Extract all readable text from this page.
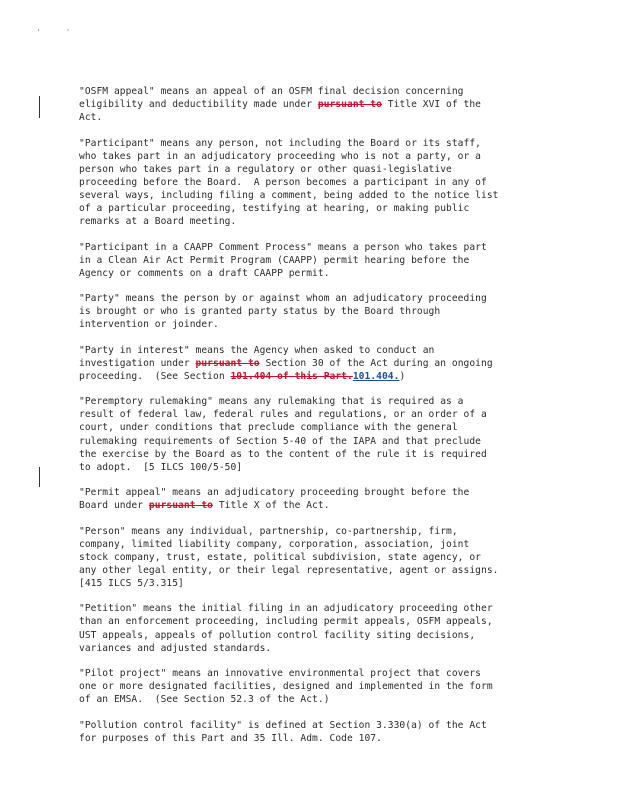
' '
"OSFM appeal" means an appeal of an OSFM final decision concerning
eligibility and deductibility made under pursuant to Title XVI of the
Act.
"Participant" means any person, not including the Board or its staff,
who takes part in an adjudicatory proceeding who is not a party, or a
person who takes part in a regulatory or other quasi-legislative
proceeding before the Board.  A person becomes a participant in any of
several ways, including filing a comment, being added to the notice list
of a particular proceeding, testifying at hearing, or making public
remarks at a Board meeting.
"Participant in a CAAPP Comment Process" means a person who takes part
in a Clean Air Act Permit Program (CAAPP) permit hearing before the
Agency or comments on a draft CAAPP permit.
"Party" means the person by or against whom an adjudicatory proceeding
is brought or who is granted party status by the Board through
intervention or joinder.
"Party in interest" means the Agency when asked to conduct an
investigation under pursuant to Section 30 of the Act during an ongoing
proceeding.  (See Section 101.404 of this Part.101.404.)
"Peremptory rulemaking" means any rulemaking that is required as a
result of federal law, federal rules and regulations, or an order of a
court, under conditions that preclude compliance with the general
rulemaking requirements of Section 5-40 of the IAPA and that preclude
the exercise by the Board as to the content of the rule it is required
to adopt.  [5 ILCS 100/5-50]
"Permit appeal" means an adjudicatory proceeding brought before the
Board under pursuant to Title X of the Act.
"Person" means any individual, partnership, co-partnership, firm,
company, limited liability company, corporation, association, joint
stock company, trust, estate, political subdivision, state agency, or
any other legal entity, or their legal representative, agent or assigns.
[415 ILCS 5/3.315]
"Petition" means the initial filing in an adjudicatory proceeding other
than an enforcement proceeding, including permit appeals, OSFM appeals,
UST appeals, appeals of pollution control facility siting decisions,
variances and adjusted standards.
"Pilot project" means an innovative environmental project that covers
one or more designated facilities, designed and implemented in the form
of an EMSA.  (See Section 52.3 of the Act.)
"Pollution control facility" is defined at Section 3.330(a) of the Act
for purposes of this Part and 35 Ill. Adm. Code 107.
